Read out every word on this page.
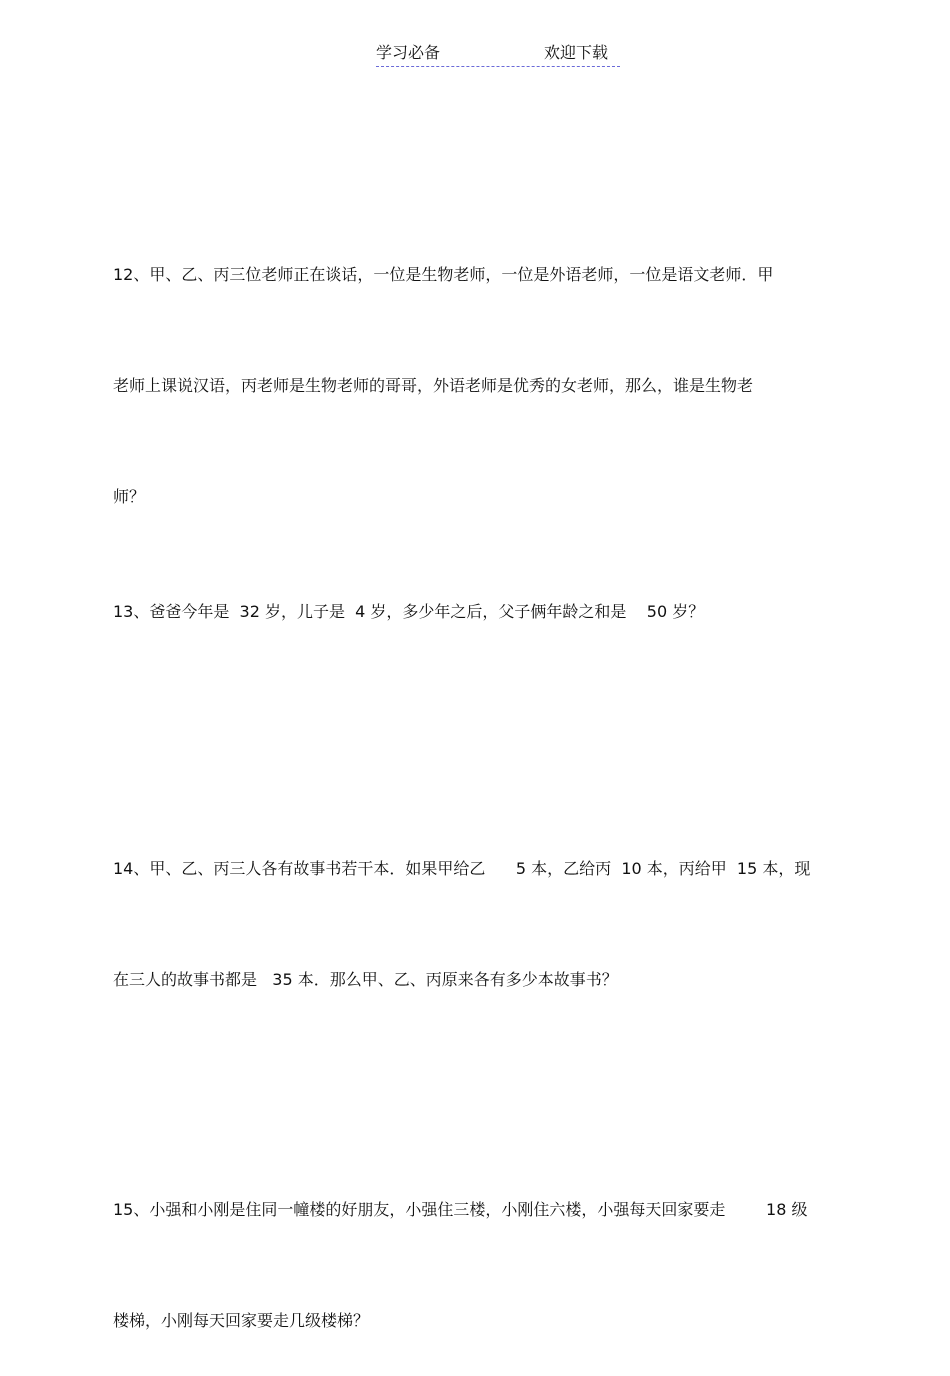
学习必备	欢迎下载

12、甲、乙、丙三位老师正在谈话，一位是生物老师，一位是外语老师，一位是语文老师．甲

老师上课说汉语，丙老师是生物老师的哥哥，外语老师是优秀的女老师，那么，谁是生物老

师？

13、爸爸今年是  32 岁，儿子是  4 岁，多少年之后，父子俩年龄之和是    50 岁？

14、甲、乙、丙三人各有故事书若干本．如果甲给乙      5 本，乙给丙  10 本，丙给甲  15 本，现

在三人的故事书都是   35 本．那么甲、乙、丙原来各有多少本故事书？

15、小强和小刚是住同一幢楼的好朋友，小强住三楼，小刚住六楼，小强每天回家要走        18 级

楼梯，小刚每天回家要走几级楼梯？
